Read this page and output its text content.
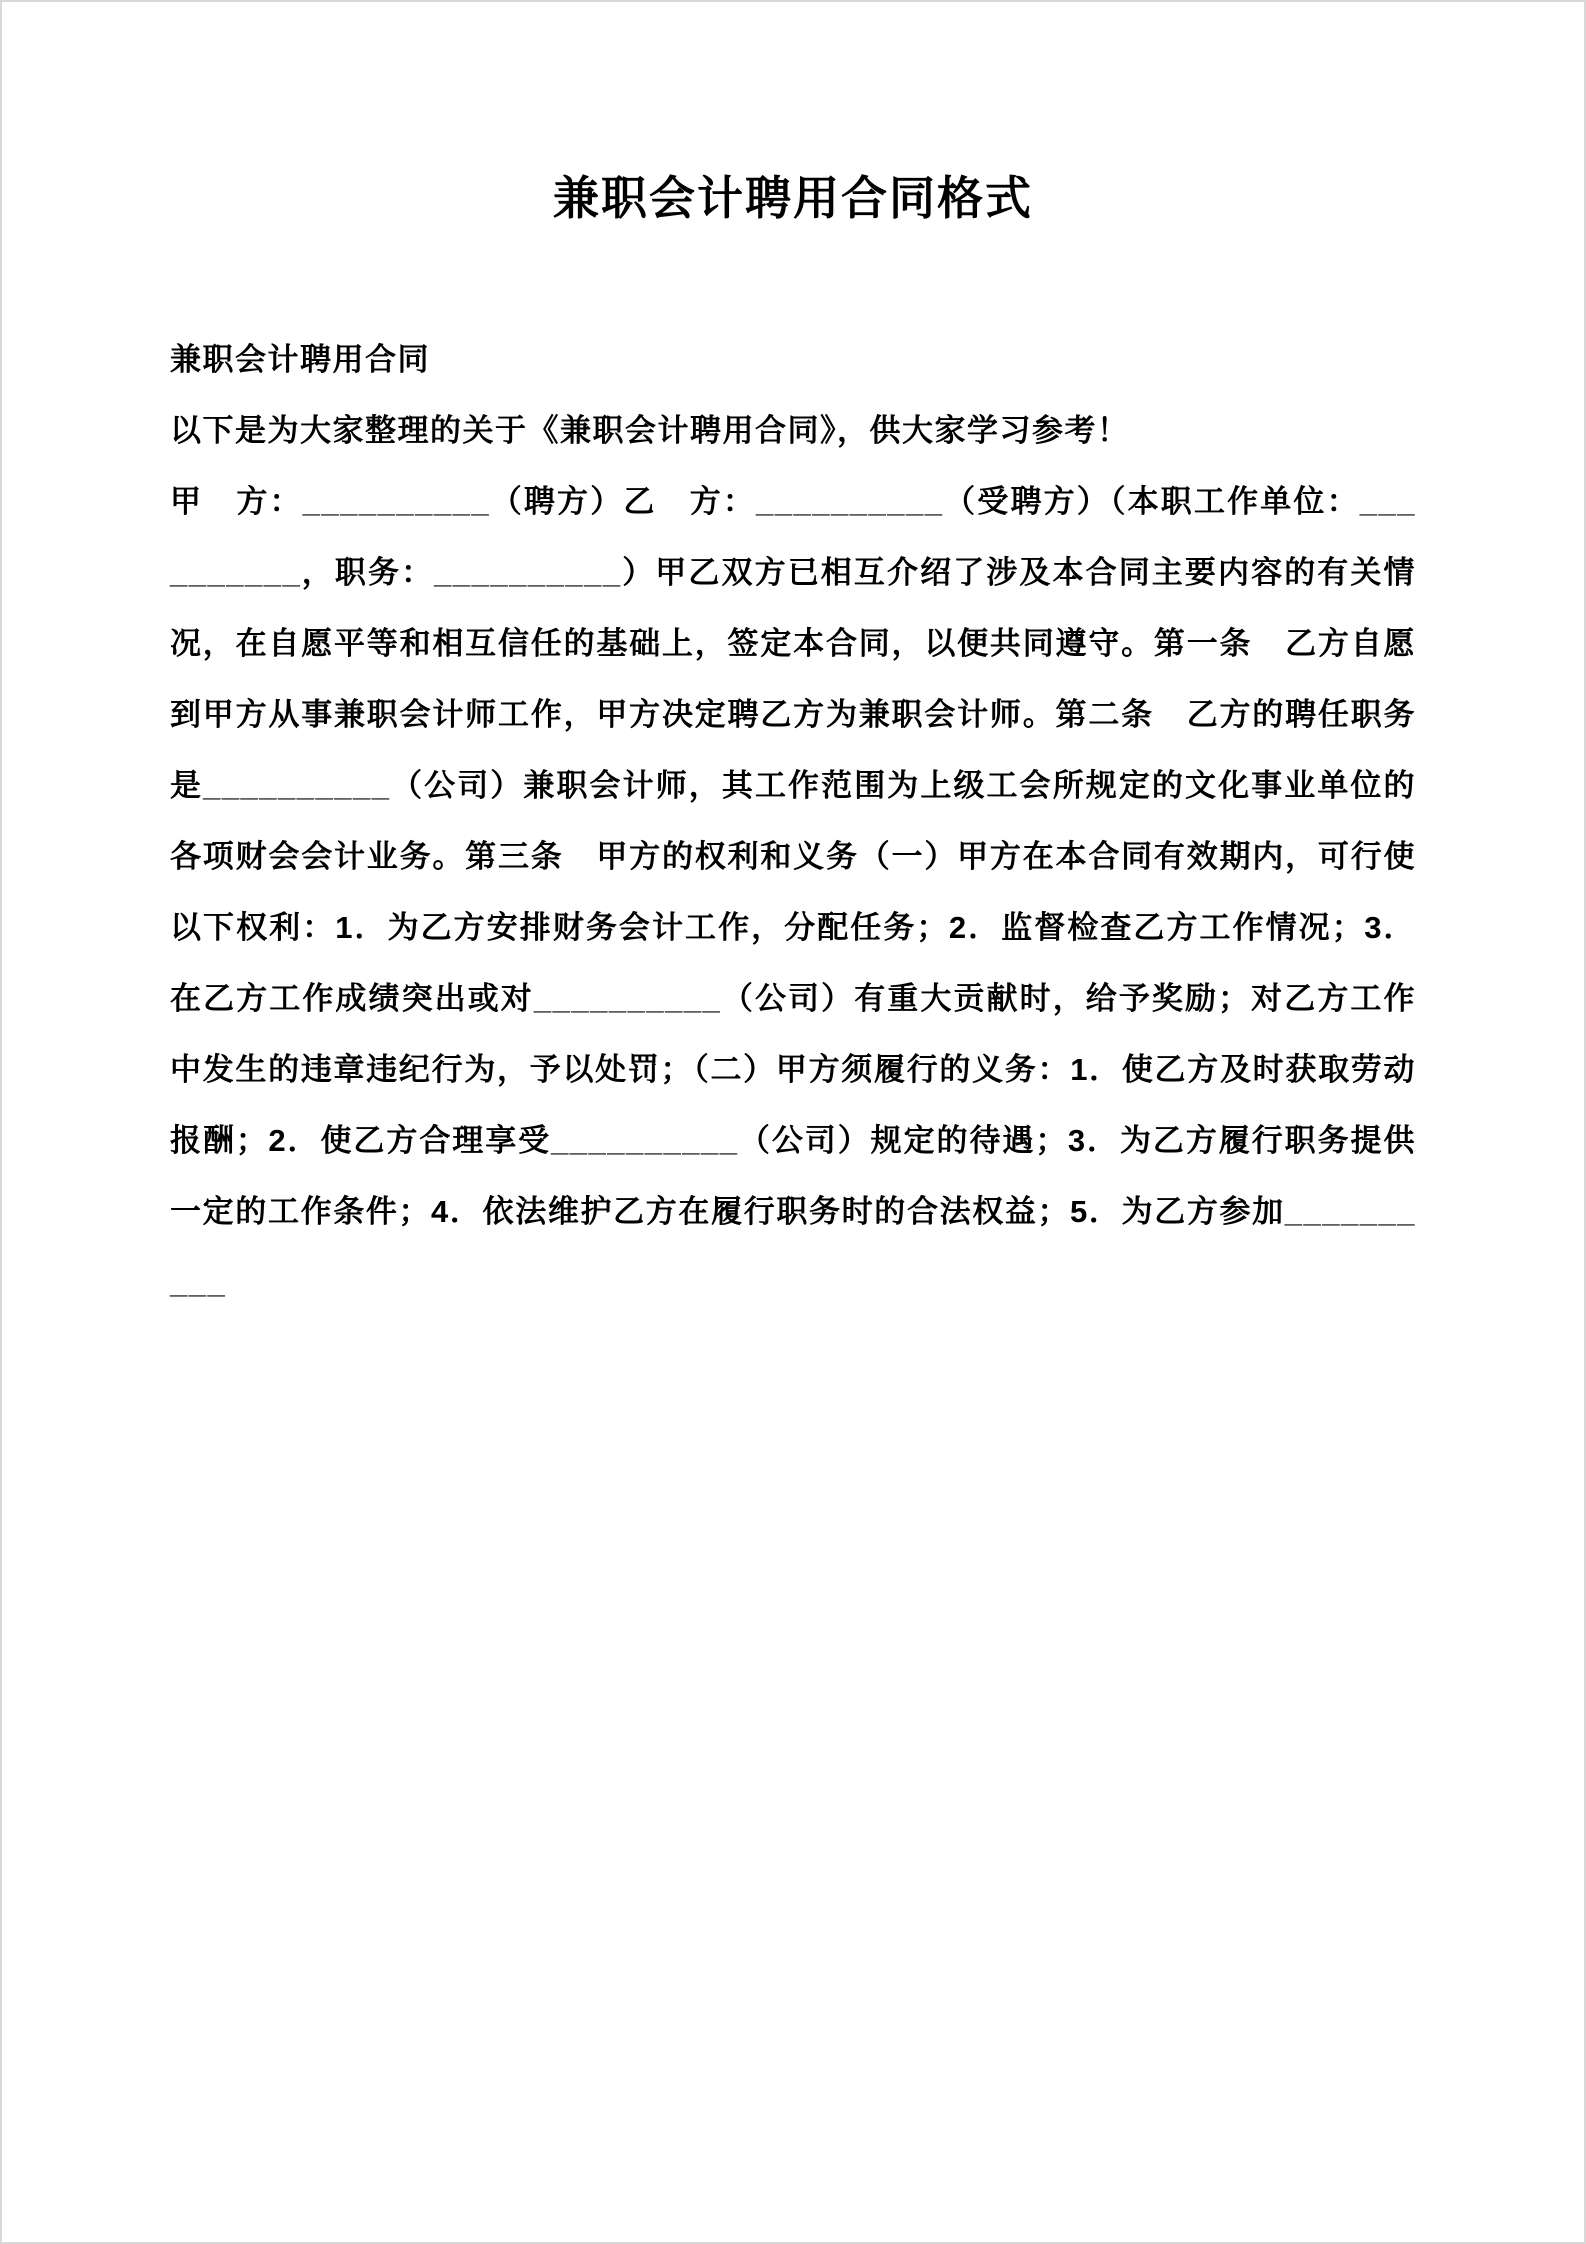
兼职会计聘用合同格式

兼职会计聘用合同

以下是为大家整理的关于《兼职会计聘用合同》，供大家学习参考！

甲　方：__________（聘方）乙　方：__________（受聘方）（本职工作单位：__________，职务：__________）甲乙双方已相互介绍了涉及本合同主要内容的有关情况，在自愿平等和相互信任的基础上，签定本合同，以便共同遵守。第一条　乙方自愿到甲方从事兼职会计师工作，甲方决定聘乙方为兼职会计师。第二条　乙方的聘任职务是__________（公司）兼职会计师，其工作范围为上级工会所规定的文化事业单位的各项财会会计业务。第三条　甲方的权利和义务（一）甲方在本合同有效期内，可行使以下权利：1．为乙方安排财务会计工作，分配任务；2．监督检查乙方工作情况；3．在乙方工作成绩突出或对__________（公司）有重大贡献时，给予奖励；对乙方工作中发生的违章违纪行为，予以处罚；（二）甲方须履行的义务：1．使乙方及时获取劳动报酬；2．使乙方合理享受__________（公司）规定的待遇；3．为乙方履行职务提供一定的工作条件；4．依法维护乙方在履行职务时的合法权益；5．为乙方参加__________
